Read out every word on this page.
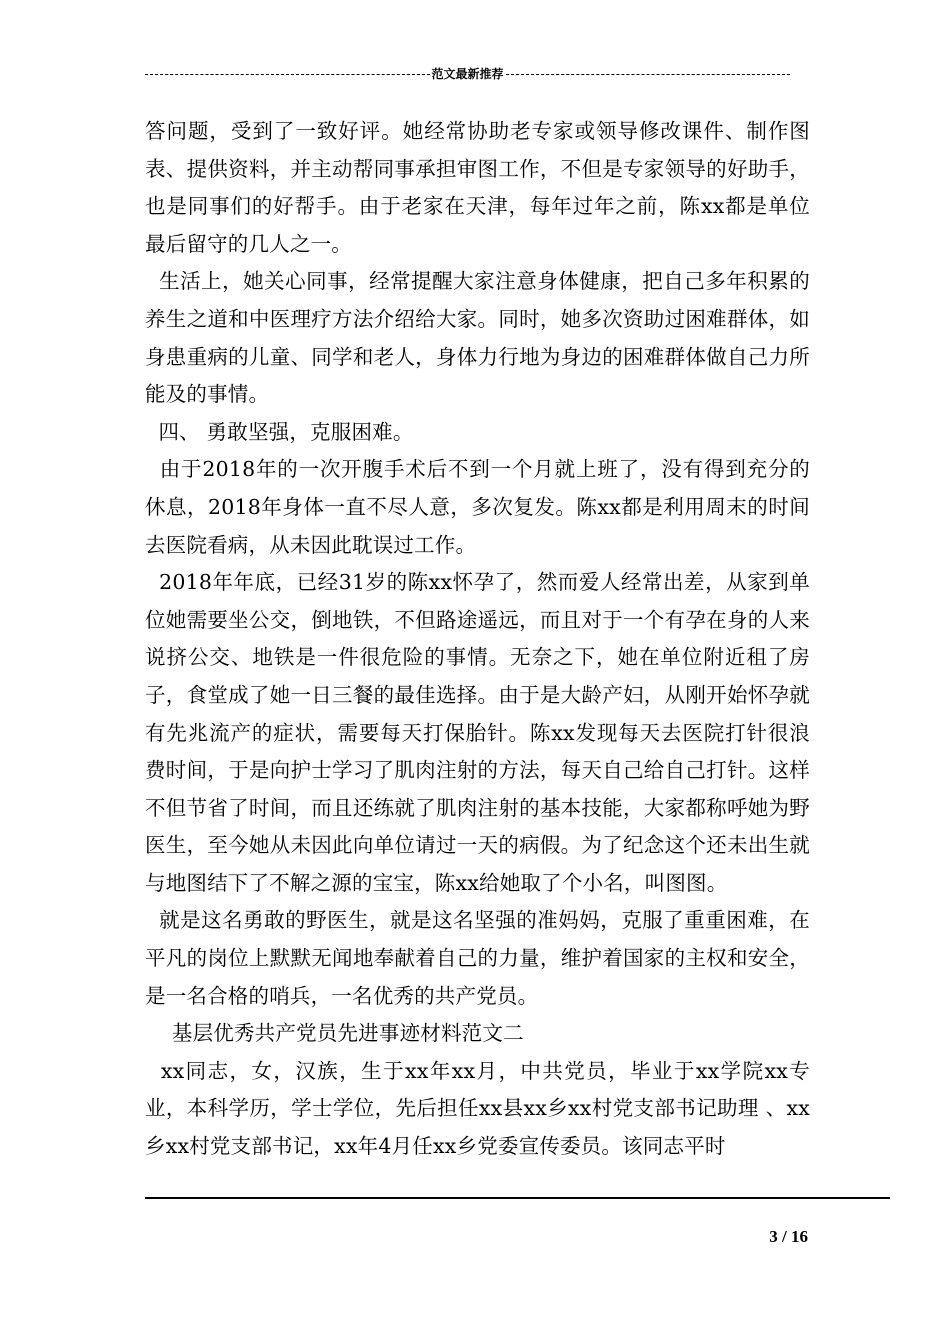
范文最新推荐

答问题，受到了一致好评。她经常协助老专家或领导修改课件、制作图表、提供资料，并主动帮同事承担审图工作，不但是专家领导的好助手，也是同事们的好帮手。由于老家在天津，每年过年之前，陈xx都是单位最后留守的几人之一。

生活上，她关心同事，经常提醒大家注意身体健康，把自己多年积累的养生之道和中医理疗方法介绍给大家。同时，她多次资助过困难群体，如身患重病的儿童、同学和老人，身体力行地为身边的困难群体做自己力所能及的事情。

四、 勇敢坚强，克服困难。

由于2018年的一次开腹手术后不到一个月就上班了，没有得到充分的休息，2018年身体一直不尽人意，多次复发。陈xx都是利用周末的时间去医院看病，从未因此耽误过工作。

2018年年底，已经31岁的陈xx怀孕了，然而爱人经常出差，从家到单位她需要坐公交，倒地铁，不但路途遥远，而且对于一个有孕在身的人来说挤公交、地铁是一件很危险的事情。无奈之下，她在单位附近租了房子，食堂成了她一日三餐的最佳选择。由于是大龄产妇，从刚开始怀孕就有先兆流产的症状，需要每天打保胎针。陈xx发现每天去医院打针很浪费时间，于是向护士学习了肌肉注射的方法，每天自己给自己打针。这样不但节省了时间，而且还练就了肌肉注射的基本技能，大家都称呼她为野医生，至今她从未因此向单位请过一天的病假。为了纪念这个还未出生就与地图结下了不解之源的宝宝，陈xx给她取了个小名，叫图图。

就是这名勇敢的野医生，就是这名坚强的准妈妈，克服了重重困难，在平凡的岗位上默默无闻地奉献着自己的力量，维护着国家的主权和安全，是一名合格的哨兵，一名优秀的共产党员。

基层优秀共产党员先进事迹材料范文二

xx同志，女，汉族，生于xx年xx月，中共党员，毕业于xx学院xx专业，本科学历，学士学位，先后担任xx县xx乡xx村党支部书记助理 、xx乡xx村党支部书记，xx年4月任xx乡党委宣传委员。该同志平时

3 / 16
